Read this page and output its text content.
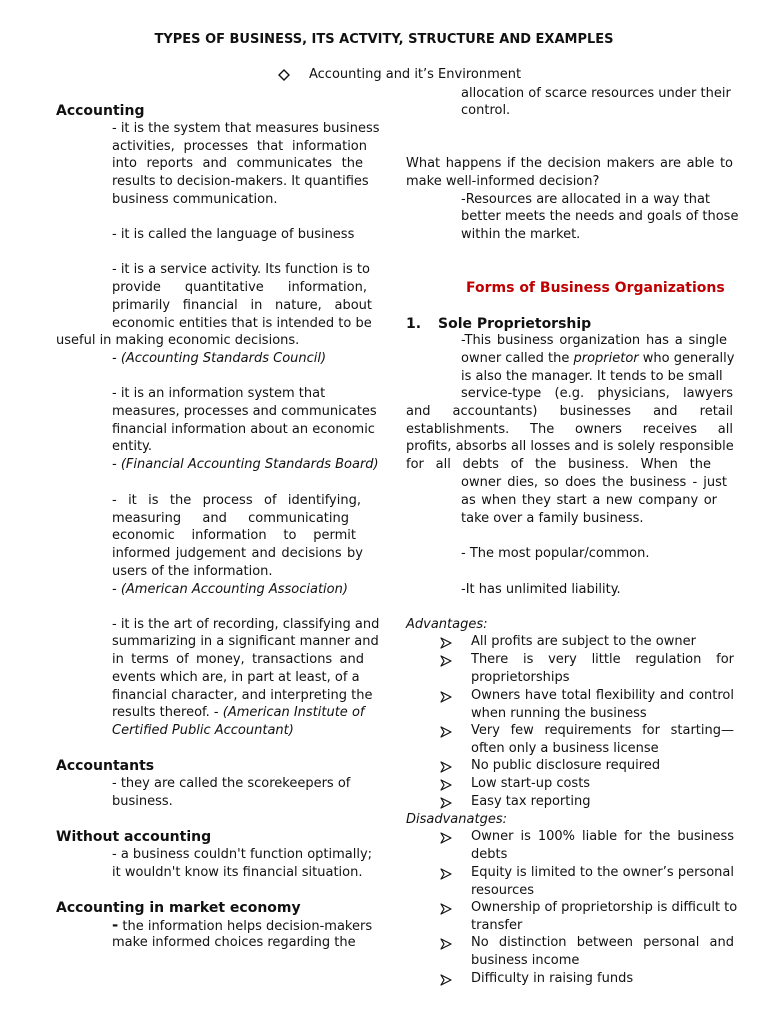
TYPES OF BUSINESS, ITS ACTVITY, STRUCTURE AND EXAMPLES
Accounting and it’s Environment
Accounting
- it is the system that measures business
activities, processes that information
into reports and communicates the
results to decision-makers. It quantifies
business communication.
- it is called the language of business
- it is a service activity. Its function is to
provide quantitative information,
primarily financial in nature, about
economic entities that is intended to be
useful in making economic decisions.
- (Accounting Standards Council)
- it is an information system that
measures, processes and communicates
financial information about an economic
entity.
- (Financial Accounting Standards Board)
- it is the process of identifying,
measuring and communicating
economic information to permit
informed judgement and decisions by
users of the information.
- (American Accounting Association)
- it is the art of recording, classifying and
summarizing in a significant manner and
in terms of money, transactions and
events which are, in part at least, of a
financial character, and interpreting the
results thereof. - (American Institute of
Certified Public Accountant)
Accountants
- they are called the scorekeepers of
business.
Without accounting
- a business couldn't function optimally;
it wouldn't know its financial situation.
Accounting in market economy
- the information helps decision-makers
make informed choices regarding the
allocation of scarce resources under their
control.
What happens if the decision makers are able to
make well-informed decision?
-Resources are allocated in a way that
better meets the needs and goals of those
within the market.
Forms of Business Organizations
1. Sole Proprietorship
-This business organization has a single
owner called the proprietor who generally
is also the manager. It tends to be small
service-type (e.g. physicians, lawyers
and accountants) businesses and retail
establishments. The owners receives all
profits, absorbs all losses and is solely responsible
for all debts of the business. When the
owner dies, so does the business - just
as when they start a new company or
take over a family business.
- The most popular/common.
-It has unlimited liability.
Advantages:
All profits are subject to the owner
There is very little regulation for
proprietorships
Owners have total flexibility and control
when running the business
Very few requirements for starting—
often only a business license
No public disclosure required
Low start-up costs
Easy tax reporting
Disadvanatges:
Owner is 100% liable for the business
debts
Equity is limited to the owner’s personal
resources
Ownership of proprietorship is difficult to
transfer
No distinction between personal and
business income
Difficulty in raising funds
